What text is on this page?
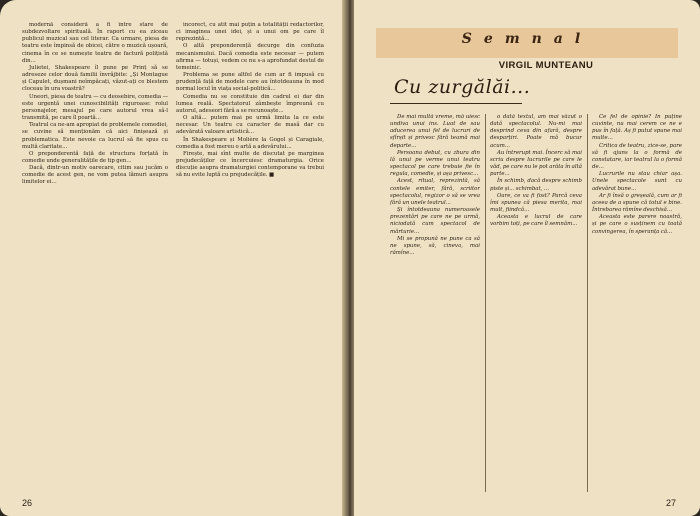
modernă consideră a fi între stare de subdezvoltare spirituală. În raport cu ea ziceau publicul muzical sau cel literar. Ca urmare, piesa de teatru este împinsă de obicei, către o muzică ușoară, cinema în ce se numește teatru de factură polițistă din...

Julietei, Shakespeare îl pune pe Prinț să se adreseze celor două familii învrăjbite: „Și Montague și Capulet, dușmani neîmpăcați, văzut-ați ce blestem cloceau în ura voastră?

Uneori, piesa de teatru — cu deosebire, comedia — este urgentă unei cunoscibilități riguroase: rolul personajelor, mesajul pe care autorul vrea să-l transmită, pe care îl poartă...

Teatrul ca ne-am apropiat de problemele comediei, se cuvine să menționăm că aici finișează și problematica. Este nevoie ca lucrul să fie spus cu multă claritate...

O preponderentă față de structura forțată în comedie unde generalitățile de tip gen...

Dacă, dintr-un motiv oarecare, citim sau jucăm o comedie de acest gen, ne vom putea lămuri asupra limitelor ei...

incorect, cu atît mai puțin a totalității redactorilor, ci imaginea unei idei, și a unui om pe care îl reprezintă...

O altă preponderență decurge din confuzia mecanismului. Dacă comedia este necesar — putem afirma — totuși, vedem ce nu s-a aprofundat destul de temeinic.

Problema se pune altfel de cum ar fi impusă cu prudență față de modele care au întotdeauna în mod normal locul în viața social-politică...

Comedia nu se constituie din cadrul ei dar din lumea reală. Spectatorul zâmbește împreună cu autorul, adeseori fără a se recunoaște...

O altă... putem mai pe urmă limita la ce este necesar. Un teatru cu caracter de masă dar cu adevărată valoare artistică...

În Shakespeare și Molière la Gogol și Caragiale, comedia a fost mereu o artă a adevărului...

Firește, mai sînt multe de discutat pe marginea prejudecăților ce încercuiesc dramaturgia. Orice discuție asupra dramaturgiei contemporane va trebui să nu evite luptă cu prejudecățile. ■

26
Semnal
VIRGIL MUNTEANU
Cu zurgălăi...

De mai multă vreme, mă uiesc undiva unui ins. Luat de sau aducerea unui fel de lucruri de sfîrșit și privesc fără teamă mai departe...

Persoana debut, cu zbura din lă unui pe verme unui teatru spectacol pe care trebuie fie în regula, comedie, și așa privesc...

Acest, ritual, reprezintă, să contele emiter, fără, scriitor spectacolul, regizor o să se vrea fără un unele teatrul...

Și întotdeauna numeroasele prezentări pe care ne pe urmă, niciodată cum spectacol de mărturie...

Mi se propună ne pune ca să ne spune, să, cineva, mai rămîne...

o dată textul, am mai văzut o dată spectacolul. Nu-mi mai desprind ceva din afară, despre desparțiri. Poate mă bucur acum...

Au întrerupt mai. Încerc să mai scriu despre lucrurile pe care le văd, pe care nu le pot arăta în altă parte...

În schimb, dacă despre schimb piste și... schimbat, ...

Oare, ce va fi fost? Parcă ceva îmi spunea că piesa merita, mai mult, fiindcă...

Aceasta e lucrul de care vorbim toți, pe care îl semnăm...

Ce fel de opinie? În puține cuvinte, nu mai cerem ce ne e pus în față. Aș fi putut spune mai multe...

Critica de teatru, zice-se, pare să fi ajuns la o formă de constatare, iar teatrul la o formă de...

Lucrurile nu stau chiar așa. Unele spectacole sunt cu adevărat bune...

Ar fi însă o greșeală, cum ar fi aceea de a spune că totul e bine. Întrebarea rămîne deschisă...

Aceasta este parere noastră, și pe care o susținem cu toată convingerea, în speranța că...

27
